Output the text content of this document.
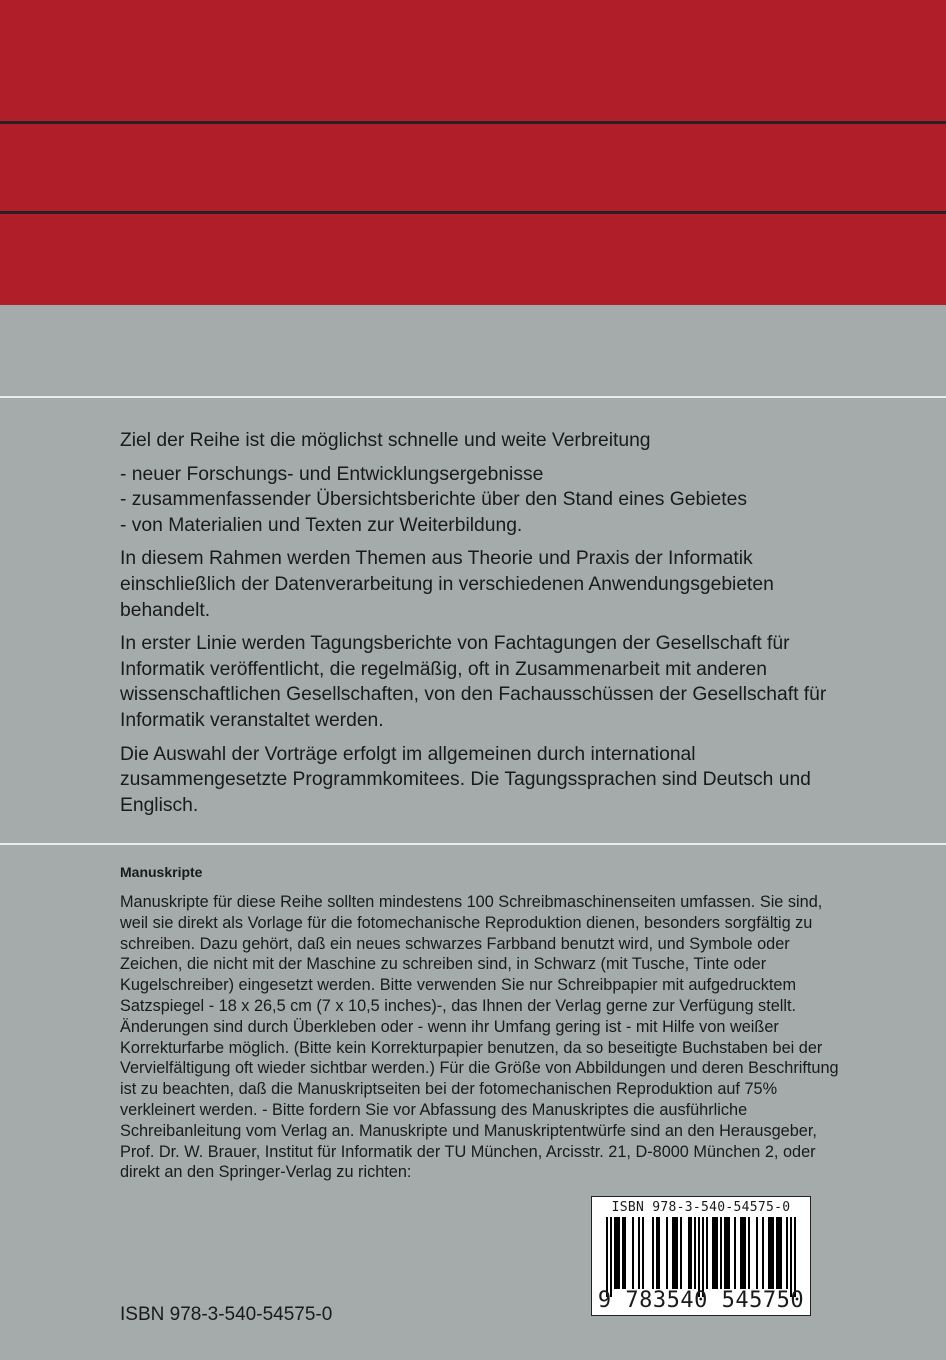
Ziel der Reihe ist die möglichst schnelle und weite Verbreitung

- neuer Forschungs- und Entwicklungsergebnisse
- zusammenfassender Übersichtsberichte über den Stand eines Gebietes
- von Materialien und Texten zur Weiterbildung.

In diesem Rahmen werden Themen aus Theorie und Praxis der Informatik einschließlich der Datenverarbeitung in verschiedenen Anwendungsgebieten behandelt.

In erster Linie werden Tagungsberichte von Fachtagungen der Gesellschaft für Informatik veröffentlicht, die regelmäßig, oft in Zusammenarbeit mit anderen wissenschaftlichen Gesellschaften, von den Fachausschüssen der Gesellschaft für Informatik veranstaltet werden.

Die Auswahl der Vorträge erfolgt im allgemeinen durch international zusammengesetzte Programmkomitees. Die Tagungssprachen sind Deutsch und Englisch.

Manuskripte

Manuskripte für diese Reihe sollten mindestens 100 Schreibmaschinenseiten umfassen. Sie sind, weil sie direkt als Vorlage für die fotomechanische Reproduktion dienen, besonders sorgfältig zu schreiben. Dazu gehört, daß ein neues schwarzes Farbband benutzt wird, und Symbole oder Zeichen, die nicht mit der Maschine zu schreiben sind, in Schwarz (mit Tusche, Tinte oder Kugelschreiber) eingesetzt werden. Bitte verwenden Sie nur Schreibpapier mit aufgedrucktem Satzspiegel - 18 x 26,5 cm (7 x 10,5 inches)-, das Ihnen der Verlag gerne zur Verfügung stellt. Änderungen sind durch Überkleben oder - wenn ihr Umfang gering ist - mit Hilfe von weißer Korrekturfarbe möglich. (Bitte kein Korrekturpapier benutzen, da so beseitigte Buchstaben bei der Vervielfältigung oft wieder sichtbar werden.) Für die Größe von Abbildungen und deren Beschriftung ist zu beachten, daß die Manuskriptseiten bei der fotomechanischen Reproduktion auf 75% verkleinert werden. - Bitte fordern Sie vor Abfassung des Manuskriptes die ausführliche Schreibanleitung vom Verlag an. Manuskripte und Manuskriptentwürfe sind an den Herausgeber, Prof. Dr. W. Brauer, Institut für Informatik der TU München, Arcisstr. 21, D-8000 München 2, oder direkt an den Springer-Verlag zu richten:

ISBN 978-3-540-54575-0
ISBN 978-3-540-54575-0
9 783540 545750
